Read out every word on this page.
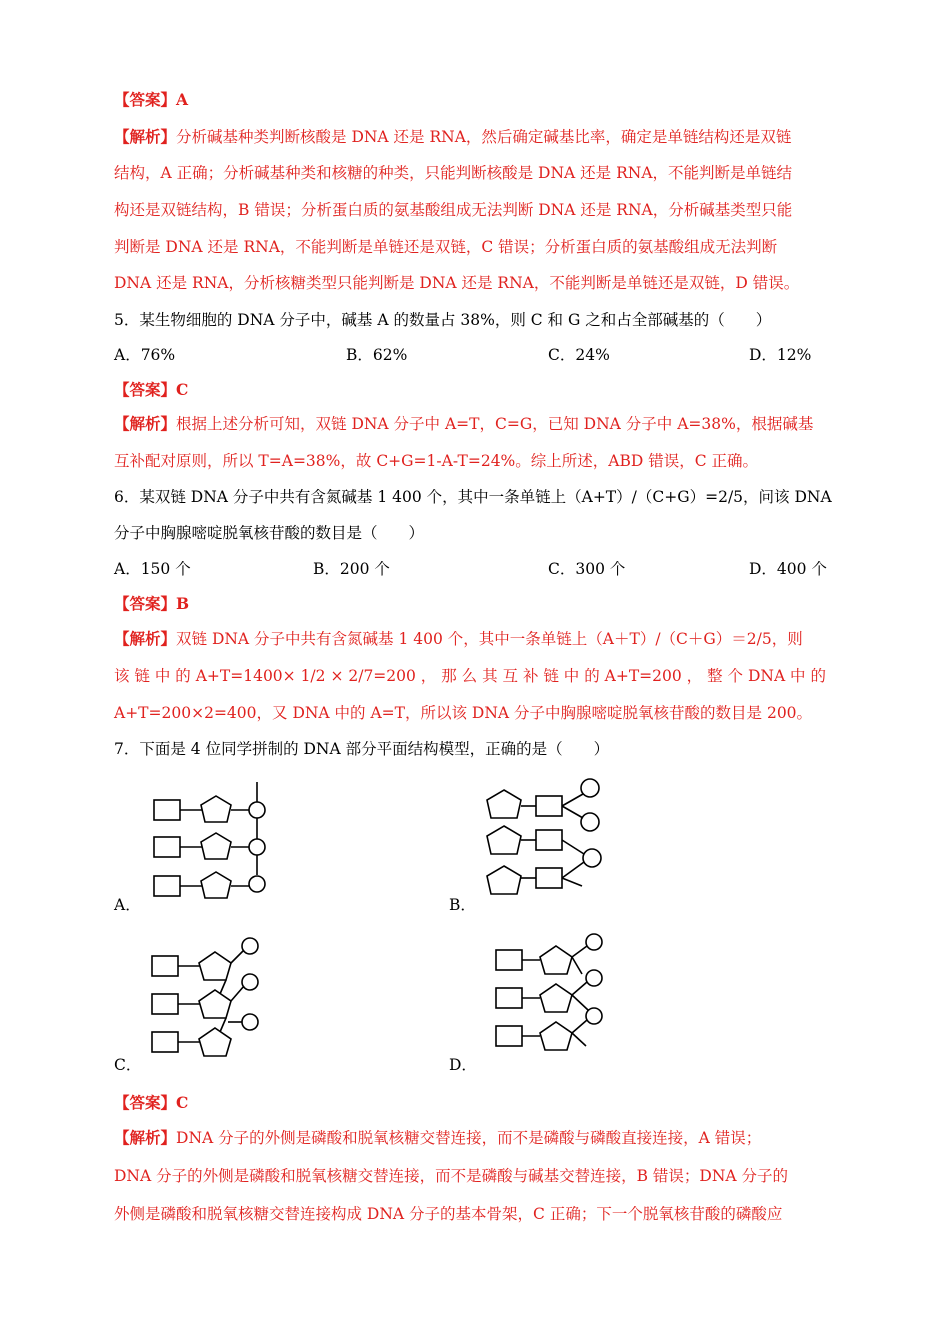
【答案】A
【解析】分析碱基种类判断核酸是 DNA 还是 RNA，然后确定碱基比率，确定是单链结构还是双链
结构，A 正确；分析碱基种类和核糖的种类，只能判断核酸是 DNA 还是 RNA，不能判断是单链结
构还是双链结构，B 错误；分析蛋白质的氨基酸组成无法判断 DNA 还是 RNA，分析碱基类型只能
判断是 DNA 还是 RNA，不能判断是单链还是双链，C 错误；分析蛋白质的氨基酸组成无法判断
DNA 还是 RNA，分析核糖类型只能判断是 DNA 还是 RNA，不能判断是单链还是双链，D 错误。
5．某生物细胞的 DNA 分子中，碱基 A 的数量占 38%，则 C 和 G 之和占全部碱基的（　　）
A．76%	B．62%	C．24%	D．12%
【答案】C
【解析】根据上述分析可知，双链 DNA 分子中 A=T，C=G，已知 DNA 分子中 A=38%，根据碱基
互补配对原则，所以 T=A=38%，故 C+G=1-A-T=24%。综上所述，ABD 错误，C 正确。
6．某双链 DNA 分子中共有含氮碱基 1 400 个，其中一条单链上（A+T）/（C+G）=2/5，问该 DNA
分子中胸腺嘧啶脱氧核苷酸的数目是（　　）
A．150 个	B．200 个	C．300 个	D．400 个
【答案】B
【解析】双链 DNA 分子中共有含氮碱基 1 400 个，其中一条单链上（A＋T）/（C＋G）＝2/5，则
该 链 中 的 A+T=1400× 1/2 × 2/7=200 ， 那 么 其 互 补 链 中 的 A+T=200 ， 整 个 DNA 中 的
A+T=200×2=400，又 DNA 中的 A=T，所以该 DNA 分子中胸腺嘧啶脱氧核苷酸的数目是 200。
7．下面是 4 位同学拼制的 DNA 部分平面结构模型，正确的是（　　）
A．	B．
C．	D．
【答案】C
【解析】DNA 分子的外侧是磷酸和脱氧核糖交替连接，而不是磷酸与磷酸直接连接，A 错误；
DNA 分子的外侧是磷酸和脱氧核糖交替连接，而不是磷酸与碱基交替连接，B 错误；DNA 分子的
外侧是磷酸和脱氧核糖交替连接构成 DNA 分子的基本骨架，C 正确；下一个脱氧核苷酸的磷酸应
